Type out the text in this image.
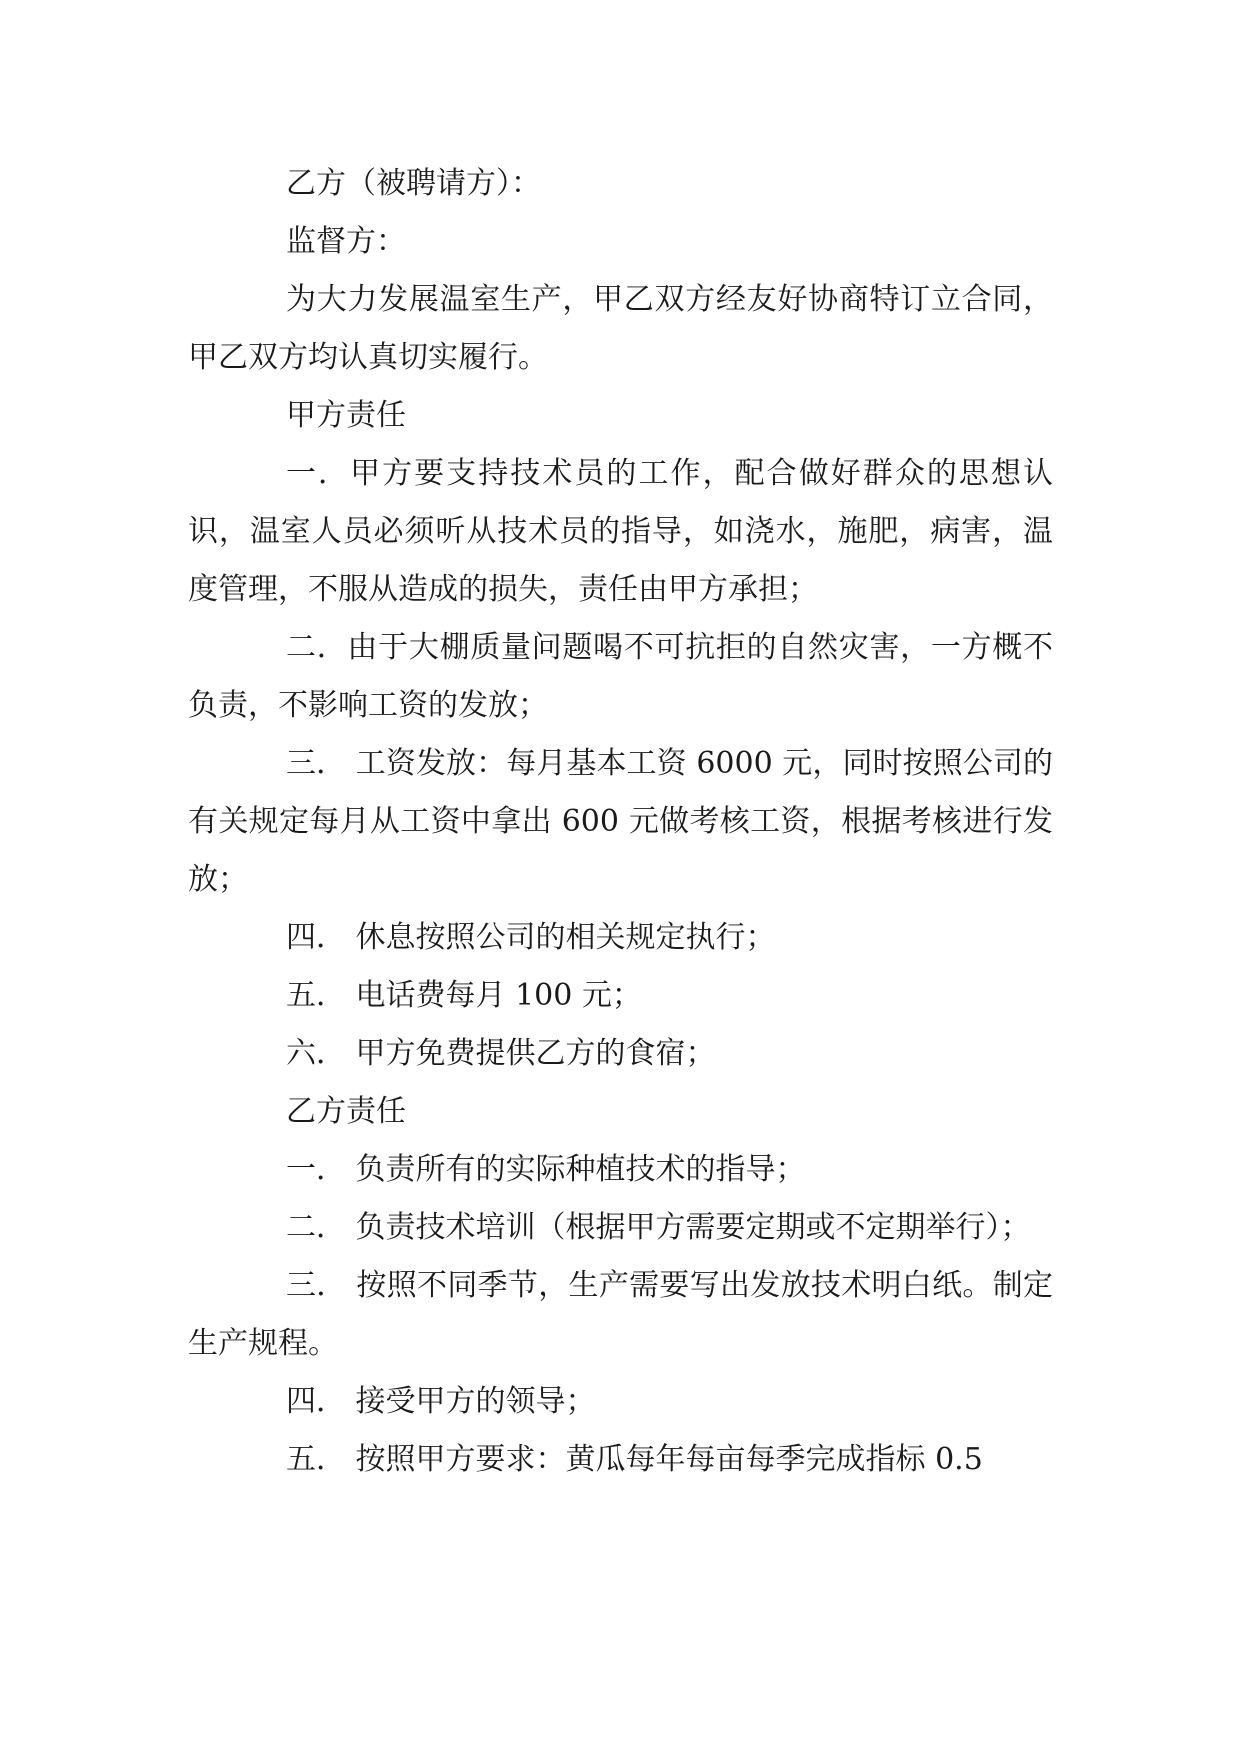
乙方（被聘请方）：

监督方：

为大力发展温室生产，甲乙双方经友好协商特订立合同，甲乙双方均认真切实履行。

甲方责任

一．甲方要支持技术员的工作，配合做好群众的思想认识，温室人员必须听从技术员的指导，如浇水，施肥，病害，温度管理，不服从造成的损失，责任由甲方承担；

二．由于大棚质量问题喝不可抗拒的自然灾害，一方概不负责，不影响工资的发放；

三． 工资发放：每月基本工资 6000 元，同时按照公司的有关规定每月从工资中拿出 600 元做考核工资，根据考核进行发放；

四． 休息按照公司的相关规定执行；

五． 电话费每月 100 元；

六． 甲方免费提供乙方的食宿；

乙方责任

一． 负责所有的实际种植技术的指导；

二． 负责技术培训（根据甲方需要定期或不定期举行）；

三． 按照不同季节，生产需要写出发放技术明白纸。制定生产规程。

四． 接受甲方的领导；

五． 按照甲方要求：黄瓜每年每亩每季完成指标 0.5
